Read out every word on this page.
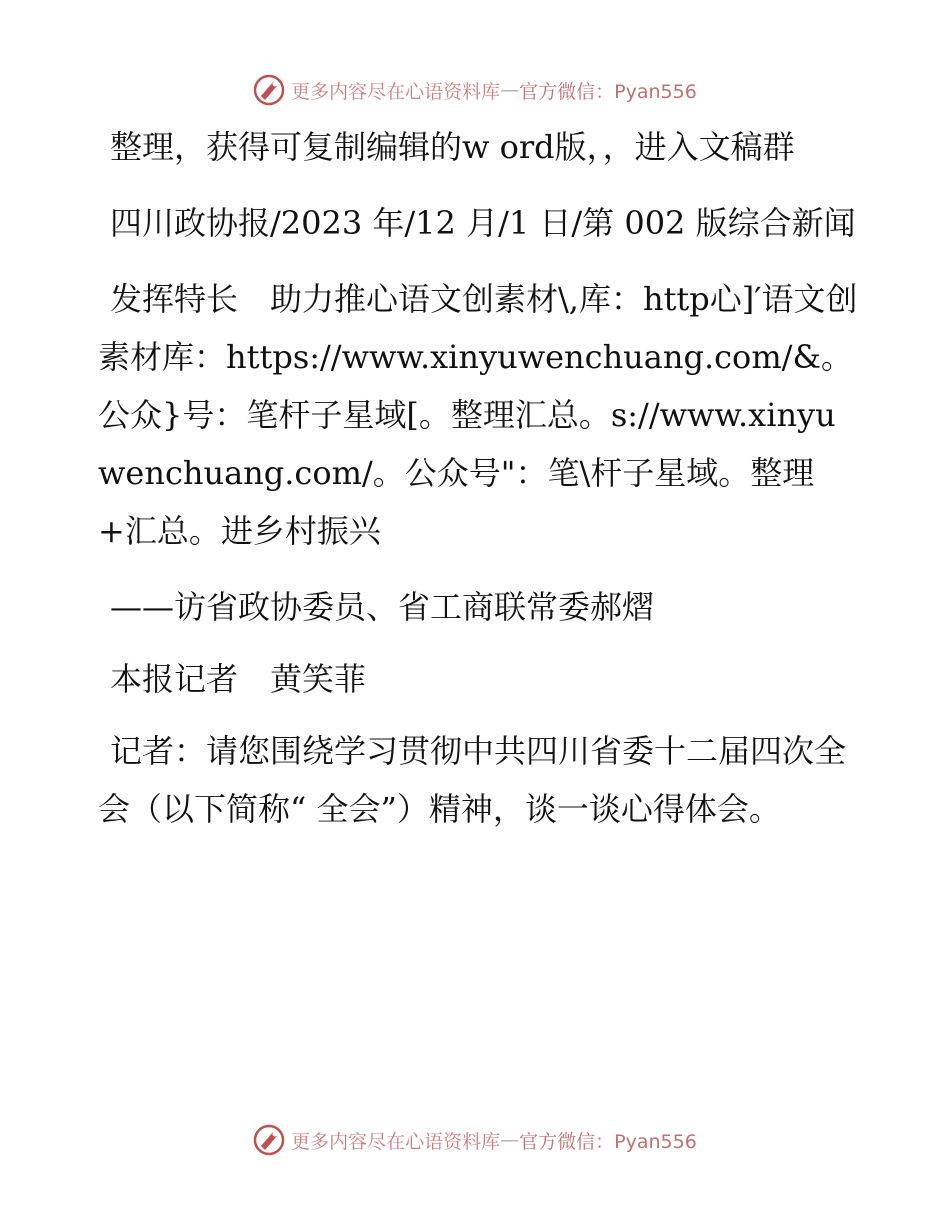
更多内容尽在心语资料库 — 官方微信：Pyan556

整理，获得可复制编辑的w ord版，，进入文稿群

四川政协报/2023 年/12 月/1 日/第 002 版综合新闻

发挥特长　助力推心语文创素材\,库：http心]′语文创素材库：https://www.xinyuwenchuang.com/&。公众}号：笔杆子星域[。整理汇总。s://www.xinyuwenchuang.com/。公众号"：笔\杆子星域。整理+汇总。进乡村振兴

——访省政协委员、省工商联常委郝熠

本报记者　黄笑菲

记者：请您围绕学习贯彻中共四川省委十二届四次全会（以下简称“ 全会”）精神，谈一谈心得体会。

更多内容尽在心语资料库 — 官方微信：Pyan556
